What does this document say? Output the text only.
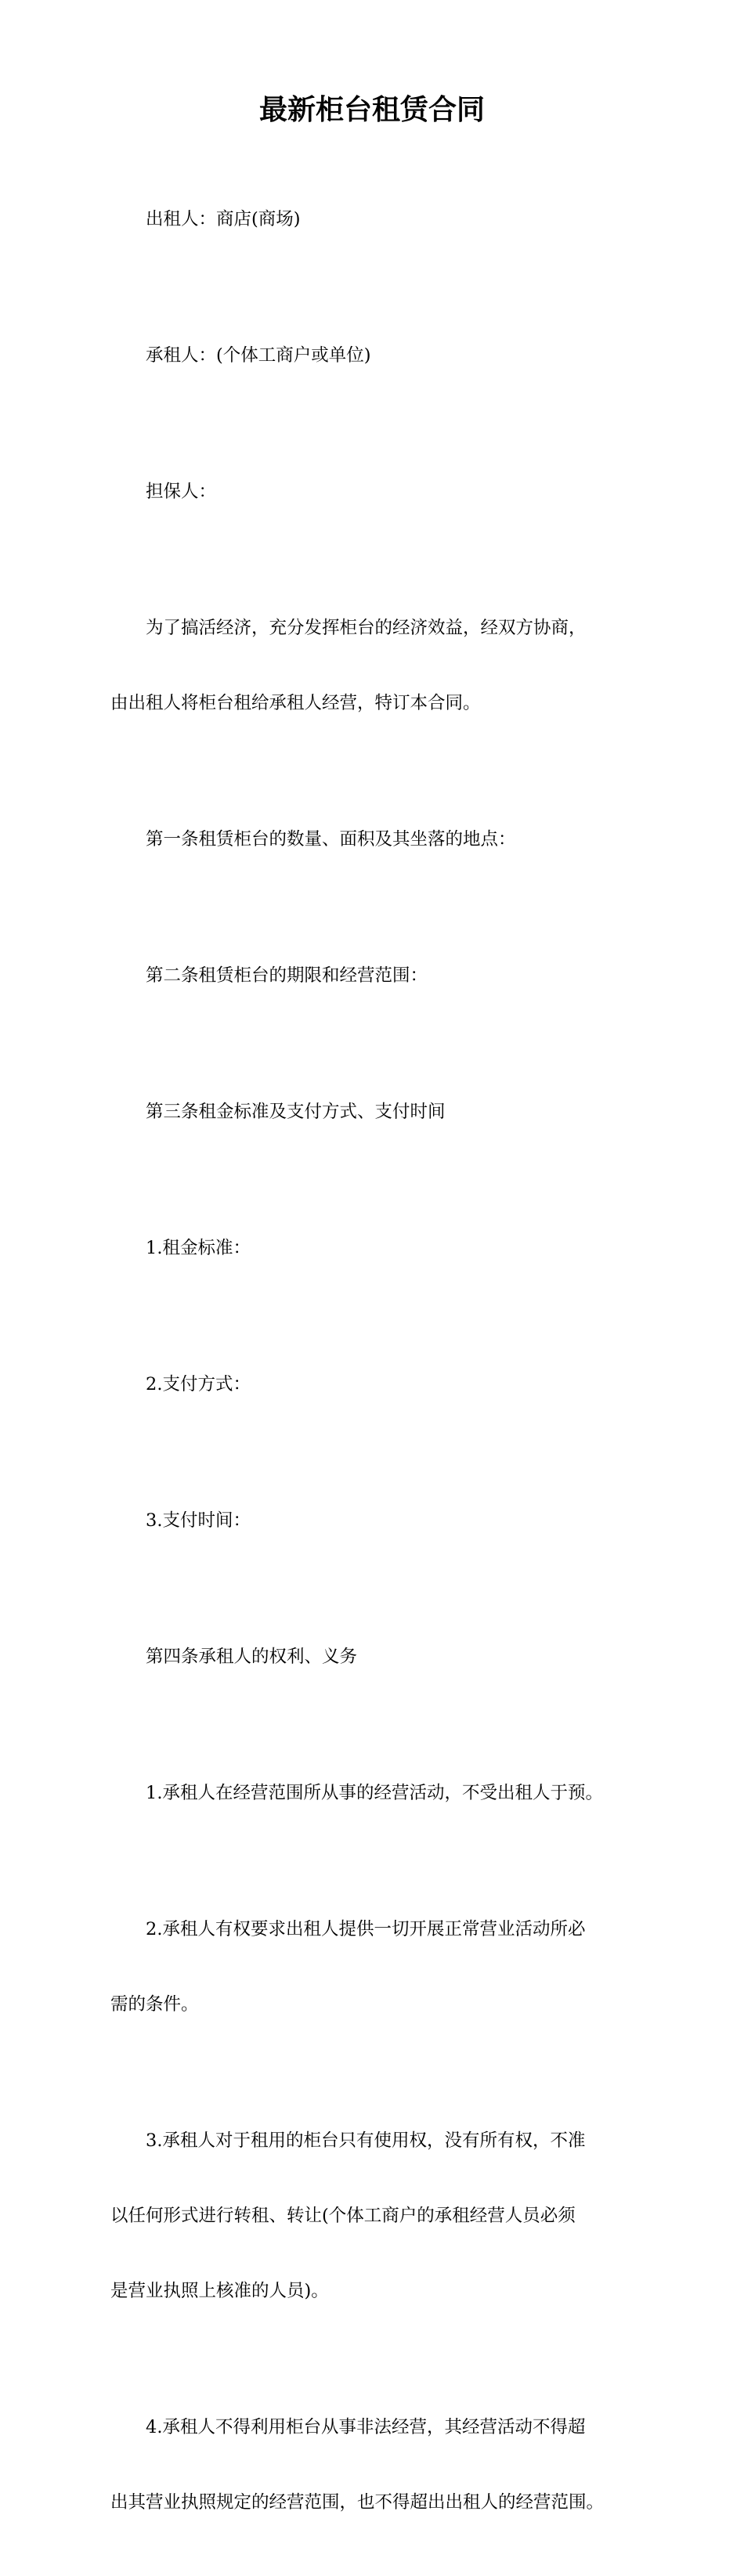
最新柜台租赁合同

出租人：商店(商场)

承租人：(个体工商户或单位)

担保人：

为了搞活经济，充分发挥柜台的经济效益，经双方协商，

由出租人将柜台租给承租人经营，特订本合同。

第一条租赁柜台的数量、面积及其坐落的地点：

第二条租赁柜台的期限和经营范围：

第三条租金标准及支付方式、支付时间

1.租金标准：

2.支付方式：

3.支付时间：

第四条承租人的权利、义务

1.承租人在经营范围所从事的经营活动，不受出租人于预。

2.承租人有权要求出租人提供一切开展正常营业活动所必

需的条件。

3.承租人对于租用的柜台只有使用权，没有所有权，不准

以任何形式进行转租、转让(个体工商户的承租经营人员必须

是营业执照上核准的人员)。

4.承租人不得利用柜台从事非法经营，其经营活动不得超

出其营业执照规定的经营范围，也不得超出出租人的经营范围。
